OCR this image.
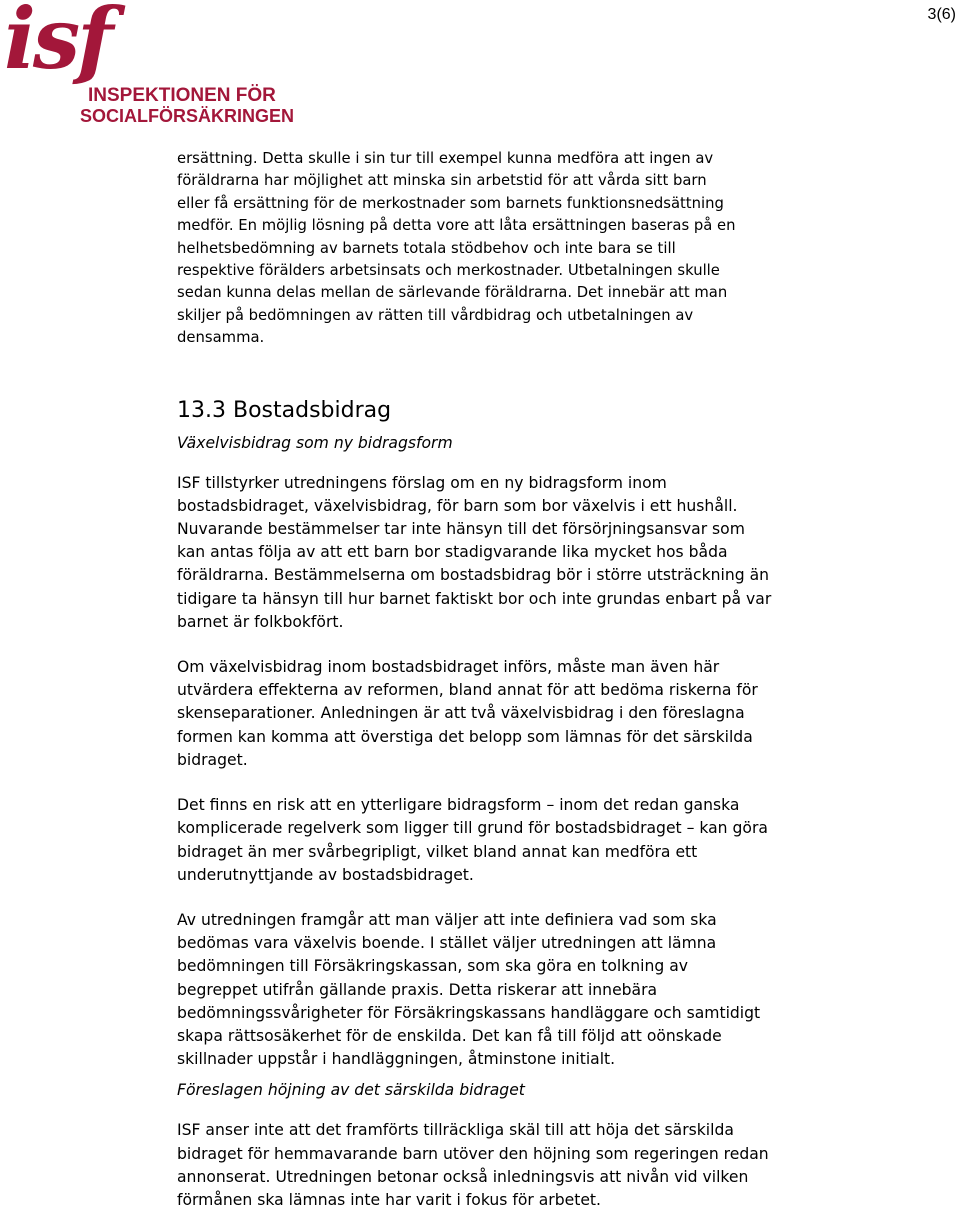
3(6)
isf
INSPEKTIONEN FÖR
SOCIALFÖRSÄKRINGEN

ersättning. Detta skulle i sin tur till exempel kunna medföra att ingen av
föräldrarna har möjlighet att minska sin arbetstid för att vårda sitt barn
eller få ersättning för de merkostnader som barnets funktionsnedsättning
medför. En möjlig lösning på detta vore att låta ersättningen baseras på en
helhetsbedömning av barnets totala stödbehov och inte bara se till
respektive förälders arbetsinsats och merkostnader. Utbetalningen skulle
sedan kunna delas mellan de särlevande föräldrarna. Det innebär att man
skiljer på bedömningen av rätten till vårdbidrag och utbetalningen av
densamma.

13.3 Bostadsbidrag
Växelvisbidrag som ny bidragsform

ISF tillstyrker utredningens förslag om en ny bidragsform inom
bostadsbidraget, växelvisbidrag, för barn som bor växelvis i ett hushåll.
Nuvarande bestämmelser tar inte hänsyn till det försörjningsansvar som
kan antas följa av att ett barn bor stadigvarande lika mycket hos båda
föräldrarna. Bestämmelserna om bostadsbidrag bör i större utsträckning än
tidigare ta hänsyn till hur barnet faktiskt bor och inte grundas enbart på var
barnet är folkbokfört.

Om växelvisbidrag inom bostadsbidraget införs, måste man även här
utvärdera effekterna av reformen, bland annat för att bedöma riskerna för
skenseparationer. Anledningen är att två växelvisbidrag i den föreslagna
formen kan komma att överstiga det belopp som lämnas för det särskilda
bidraget.

Det finns en risk att en ytterligare bidragsform – inom det redan ganska
komplicerade regelverk som ligger till grund för bostadsbidraget – kan göra
bidraget än mer svårbegripligt, vilket bland annat kan medföra ett
underutnyttjande av bostadsbidraget.

Av utredningen framgår att man väljer att inte definiera vad som ska
bedömas vara växelvis boende. I stället väljer utredningen att lämna
bedömningen till Försäkringskassan, som ska göra en tolkning av
begreppet utifrån gällande praxis. Detta riskerar att innebära
bedömningssvårigheter för Försäkringskassans handläggare och samtidigt
skapa rättsosäkerhet för de enskilda. Det kan få till följd att oönskade
skillnader uppstår i handläggningen, åtminstone initialt.

Föreslagen höjning av det särskilda bidraget

ISF anser inte att det framförts tillräckliga skäl till att höja det särskilda
bidraget för hemmavarande barn utöver den höjning som regeringen redan
annonserat. Utredningen betonar också inledningsvis att nivån vid vilken
förmånen ska lämnas inte har varit i fokus för arbetet.
